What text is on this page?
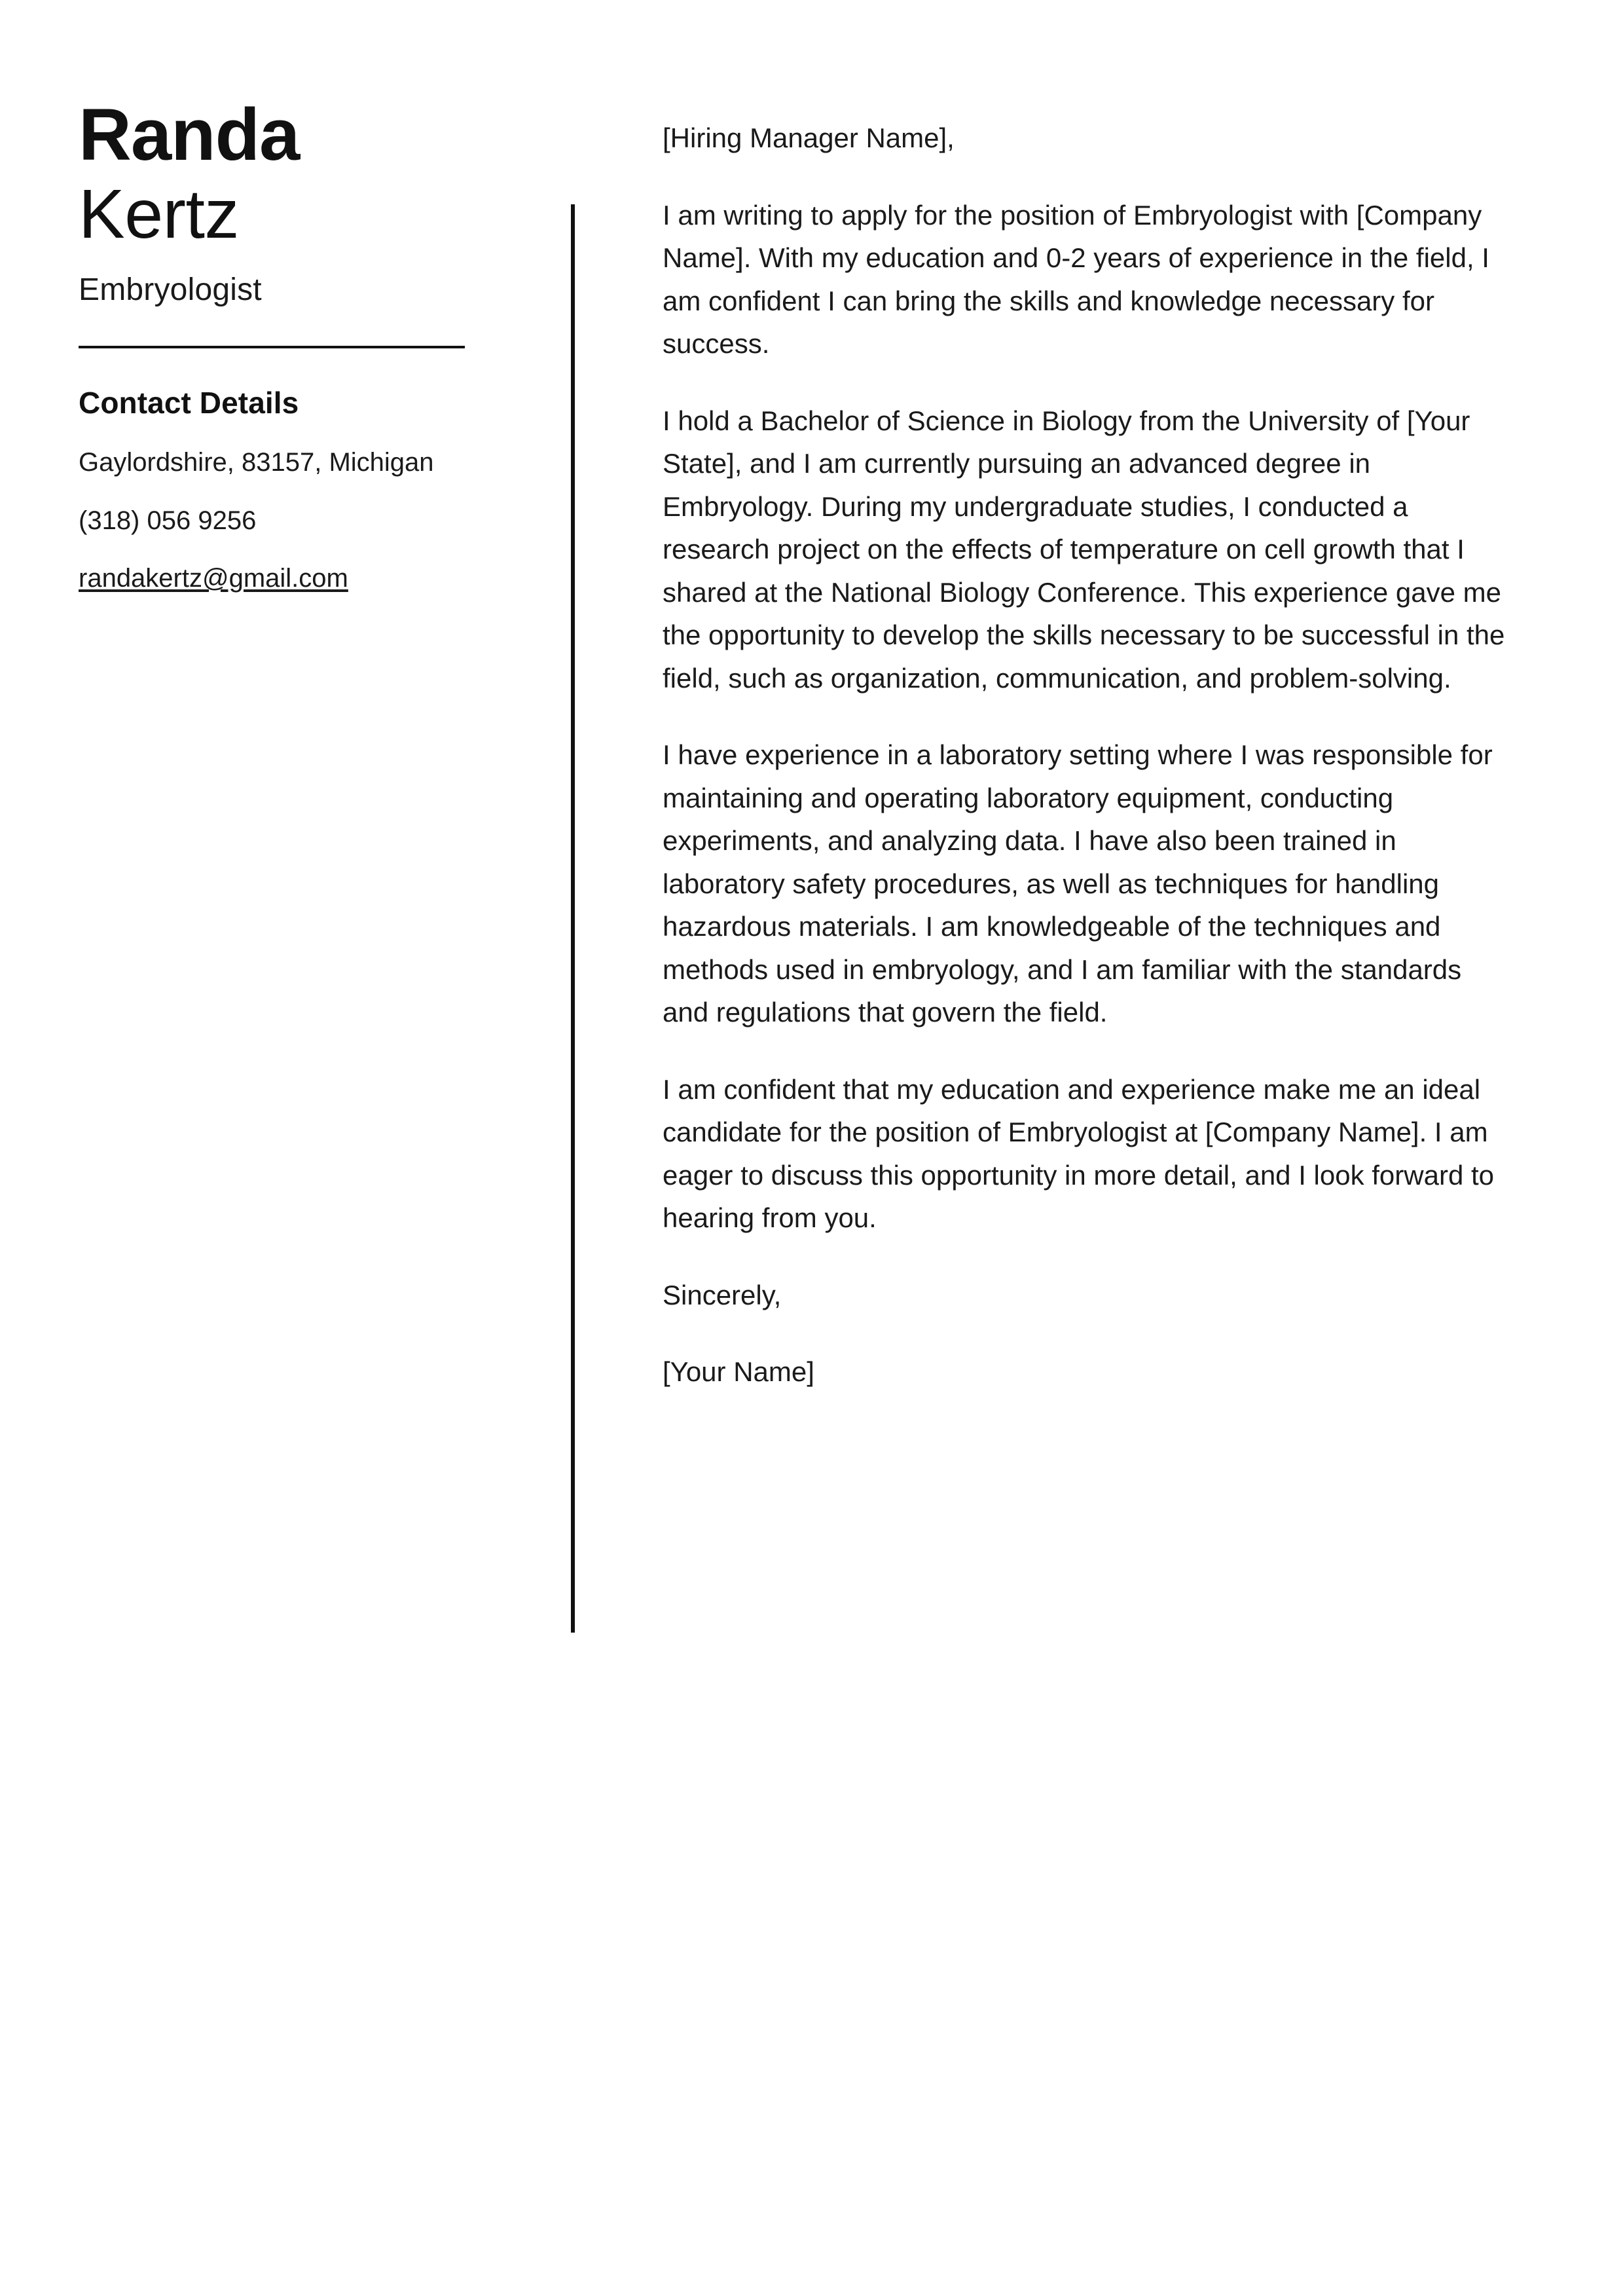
Randa
Kertz
Embryologist
Contact Details
Gaylordshire, 83157, Michigan
(318) 056 9256
randakertz@gmail.com

[Hiring Manager Name],

I am writing to apply for the position of Embryologist with [Company Name]. With my education and 0-2 years of experience in the field, I am confident I can bring the skills and knowledge necessary for success.

I hold a Bachelor of Science in Biology from the University of [Your State], and I am currently pursuing an advanced degree in Embryology. During my undergraduate studies, I conducted a research project on the effects of temperature on cell growth that I shared at the National Biology Conference. This experience gave me the opportunity to develop the skills necessary to be successful in the field, such as organization, communication, and problem-solving.

I have experience in a laboratory setting where I was responsible for maintaining and operating laboratory equipment, conducting experiments, and analyzing data. I have also been trained in laboratory safety procedures, as well as techniques for handling hazardous materials. I am knowledgeable of the techniques and methods used in embryology, and I am familiar with the standards and regulations that govern the field.

I am confident that my education and experience make me an ideal candidate for the position of Embryologist at [Company Name]. I am eager to discuss this opportunity in more detail, and I look forward to hearing from you.

Sincerely,

[Your Name]
